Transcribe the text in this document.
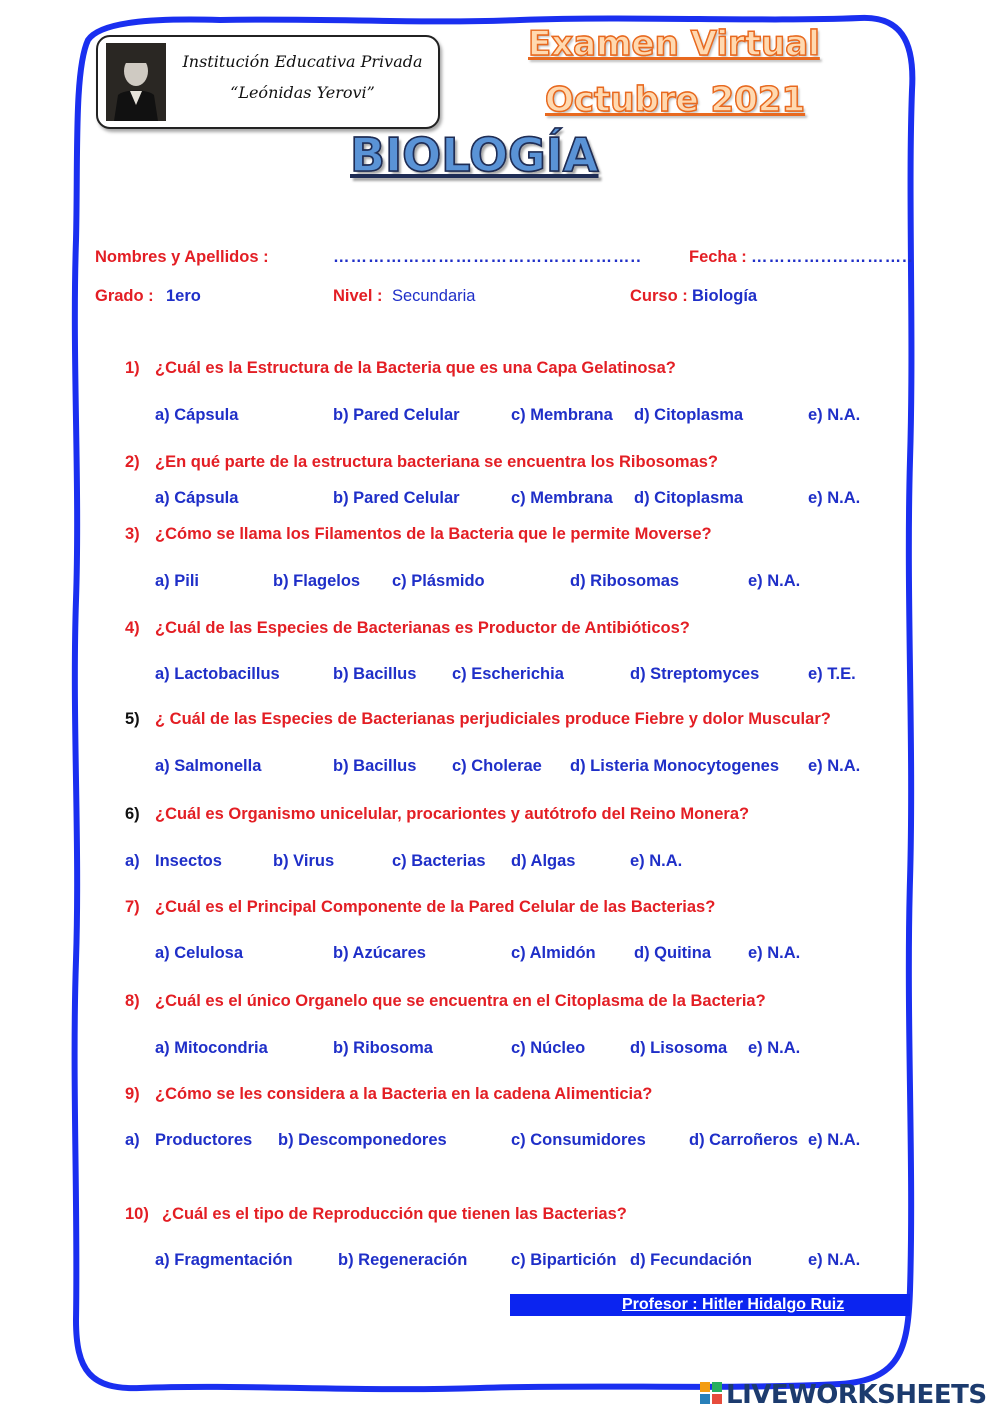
Institución Educativa Privada
“Leónidas Yerovi”
Examen Virtual
Octubre 2021
BIOLOGÍA
Nombres y Apellidos :	……………………………………………..	Fecha : …………..…………..
Grado : 1ero	Nivel : Secundaria	Curso : Biología
1) ¿Cuál es la Estructura de la Bacteria que es una Capa Gelatinosa?
a) Cápsula	b) Pared Celular	c) Membrana d) Citoplasma	e) N.A.
2) ¿En qué parte de la estructura bacteriana se encuentra los Ribosomas?
a) Cápsula	b) Pared Celular	c) Membrana d) Citoplasma	e) N.A.
3) ¿Cómo se llama los Filamentos de la Bacteria que le permite Moverse?
a) Pili	b) Flagelos c) Plásmido	d) Ribosomas	e) N.A.
4) ¿Cuál de las Especies de Bacterianas es Productor de Antibióticos?
a) Lactobacillus	b) Bacillus c) Escherichia	d) Streptomyces	e) T.E.
5) ¿ Cuál de las Especies de Bacterianas perjudiciales produce Fiebre y dolor Muscular?
a) Salmonella	b) Bacillus c) Cholerae d) Listeria Monocytogenes e) N.A.
6) ¿Cuál es Organismo unicelular, procariontes y autótrofo del Reino Monera?
a) Insectos	b) Virus	c) Bacterias d) Algas	e) N.A.
7) ¿Cuál es el Principal Componente de la Pared Celular de las Bacterias?
a) Celulosa	b) Azúcares	c) Almidón d) Quitina e) N.A.
8) ¿Cuál es el único Organelo que se encuentra en el Citoplasma de la Bacteria?
a) Mitocondria	b) Ribosoma	c) Núcleo	d) Lisosoma e) N.A.
9) ¿Cómo se les considera a la Bacteria en la cadena Alimenticia?
a) Productores b) Descomponedores	c) Consumidores	d) Carroñeros e) N.A.
10) ¿Cuál es el tipo de Reproducción que tienen las Bacterias?
a) Fragmentación	b) Regeneración	c) Bipartición d) Fecundación	e) N.A.
Profesor : Hitler Hidalgo Ruiz
LIVEWORKSHEETS
